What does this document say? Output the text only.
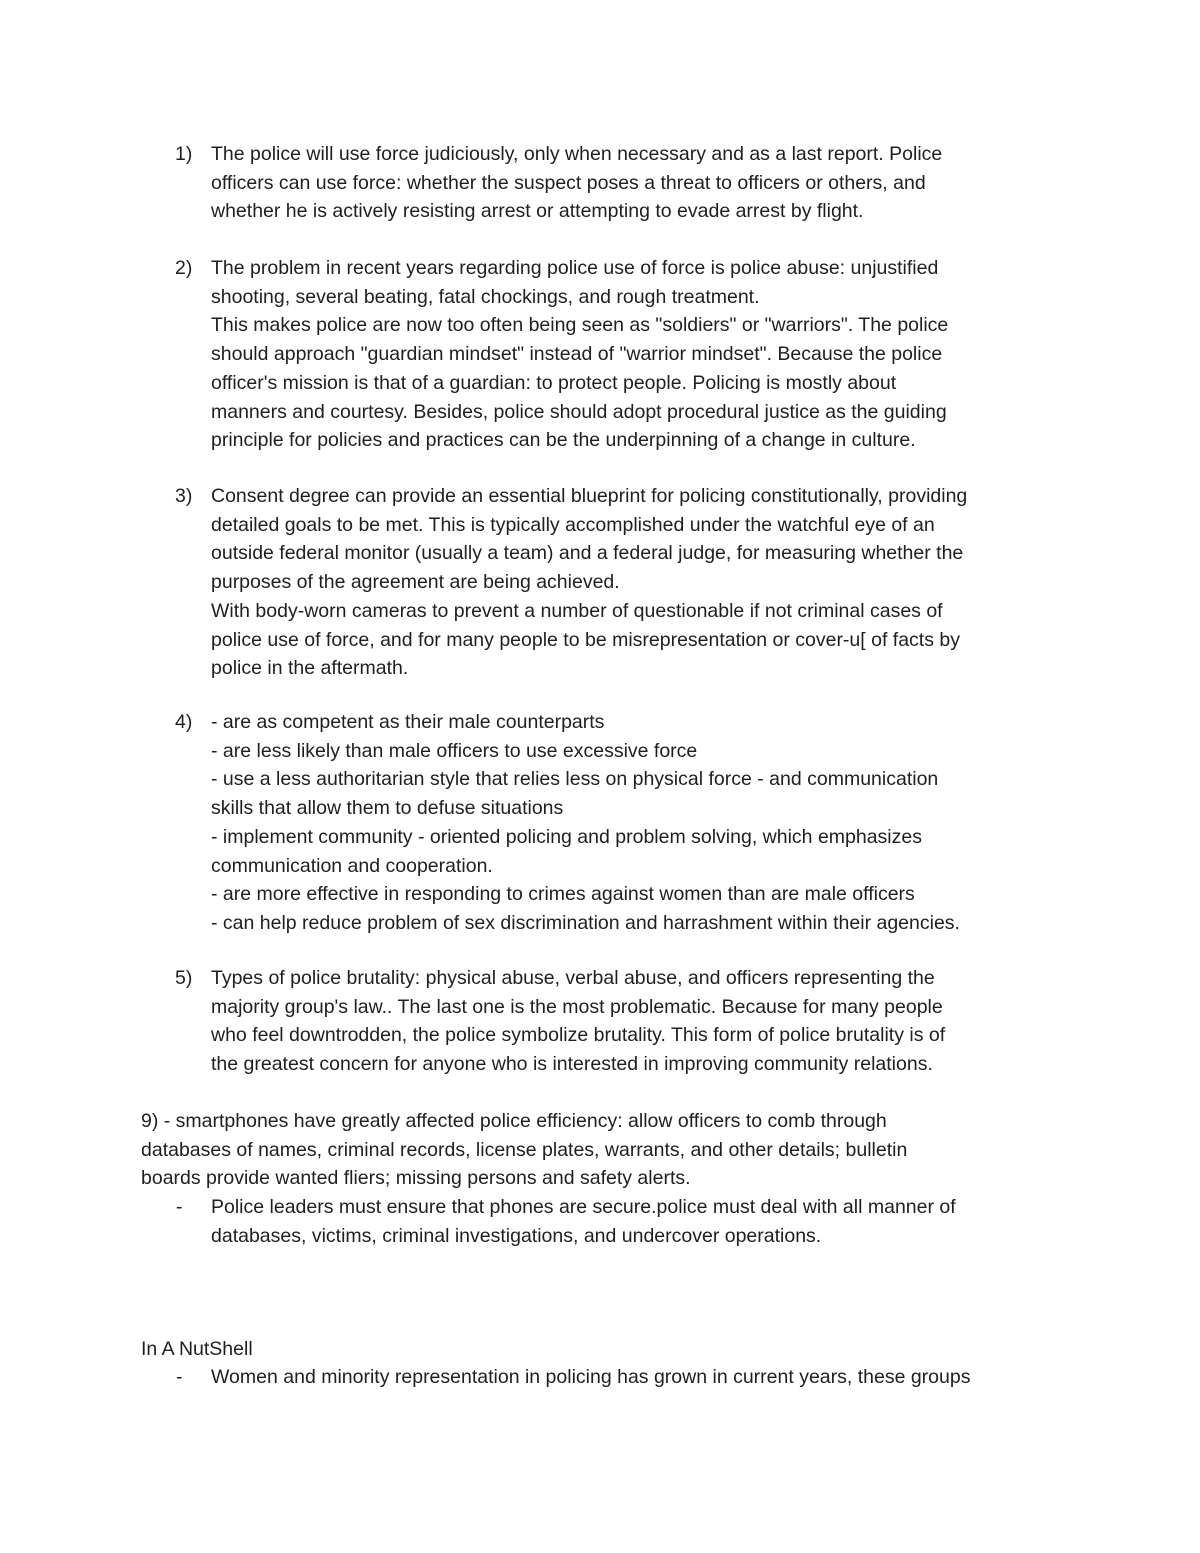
1) The police will use force judiciously, only when necessary and as a last report. Police
officers can use force: whether the suspect poses a threat to officers or others, and
whether he is actively resisting arrest or attempting to evade arrest by flight.
2) The problem in recent years regarding police use of force is police abuse: unjustified
shooting, several beating, fatal chockings, and rough treatment.
This makes police are now too often being seen as "soldiers" or "warriors". The police
should approach "guardian mindset" instead of "warrior mindset". Because the police
officer's mission is that of a guardian: to protect people. Policing is mostly about
manners and courtesy. Besides, police should adopt procedural justice as the guiding
principle for policies and practices can be the underpinning of a change in culture.
3) Consent degree can provide an essential blueprint for policing constitutionally, providing
detailed goals to be met. This is typically accomplished under the watchful eye of an
outside federal monitor (usually a team) and a federal judge, for measuring whether the
purposes of the agreement are being achieved.
With body-worn cameras to prevent a number of questionable if not criminal cases of
police use of force, and for many people to be misrepresentation or cover-u[ of facts by
police in the aftermath.
4) - are as competent as their male counterparts
- are less likely than male officers to use excessive force
- use a less authoritarian style that relies less on physical force - and communication
skills that allow them to defuse situations
- implement community - oriented policing and problem solving, which emphasizes
communication and cooperation.
- are more effective in responding to crimes against women than are male officers
- can help reduce problem of sex discrimination and harrashment within their agencies.
5) Types of police brutality: physical abuse, verbal abuse, and officers representing the
majority group's law.. The last one is the most problematic. Because for many people
who feel downtrodden, the police symbolize brutality. This form of police brutality is of
the greatest concern for anyone who is interested in improving community relations.
9) - smartphones have greatly affected police efficiency: allow officers to comb through
databases of names, criminal records, license plates, warrants, and other details; bulletin
boards provide wanted fliers; missing persons and safety alerts.
- Police leaders must ensure that phones are secure.police must deal with all manner of
databases, victims, criminal investigations, and undercover operations.
In A NutShell
- Women and minority representation in policing has grown in current years, these groups
